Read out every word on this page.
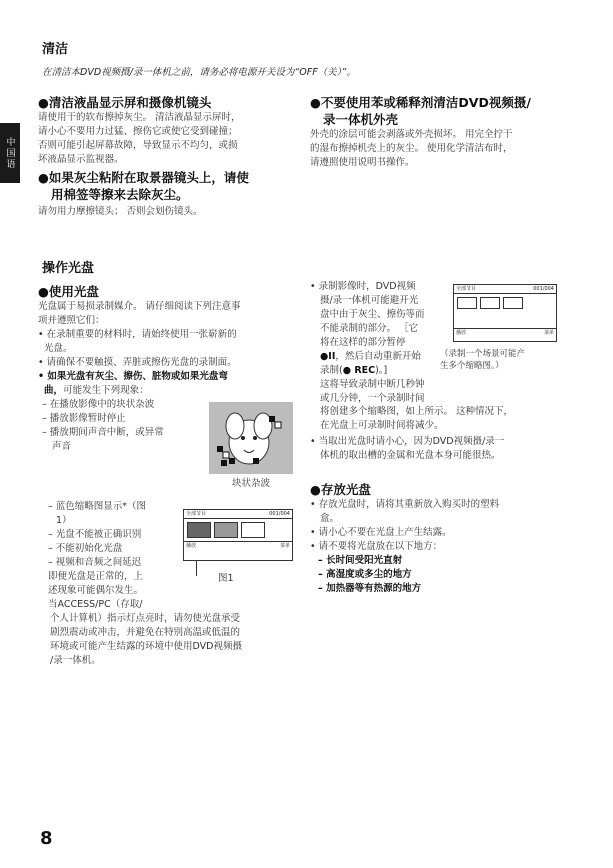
中国语
清洁
在清洁本DVD视频摄/录一体机之前，请务必将电源开关设为“OFF（关）”。
●清洁液晶显示屏和摄像机镜头
请使用干的软布擦掉灰尘。 清洁液晶显示屏时，
请小心不要用力过猛、擦伤它或使它受到碰撞；
否则可能引起屏幕故障，导致显示不均匀，或损
坏液晶显示监视器。
●如果灰尘粘附在取景器镜头上，请使
用棉签等擦来去除灰尘。
请勿用力摩擦镜头； 否则会划伤镜头。
●不要使用苯或稀释剂清洁DVD视频摄/
录一体机外壳
外壳的涂层可能会剥落或外壳损坏。 用完全拧干
的湿布擦掉机壳上的灰尘。 使用化学清洁布时，
请遵照使用说明书操作。
操作光盘
●使用光盘
光盘属于易损录制媒介。 请仔细阅读下列注意事
项并遵照它们：
• 在录制重要的材料时，请始终使用一张崭新的
光盘。
• 请确保不要触摸、弄脏或擦伤光盘的录制面。
• 如果光盘有灰尘、擦伤、脏物或如果光盘弯
曲，可能发生下列现象：
– 在播放影像中的块状杂波
– 播放影像暂时停止
– 播放期间声音中断，或异常
声音
块状杂波
– 蓝色缩略图显示*（图
1）
– 光盘不能被正确识别
– 不能初始化光盘
– 视频和音频之间延迟
即便光盘是正常的，上
述现象可能偶尔发生。
当ACCESS/PC（存取/
全部节目	001/004
播放	菜单
图1
个人计算机）指示灯点亮时，请勿使光盘承受
剧烈震动或冲击，并避免在特别高温或低温的
环境或可能产生结露的环境中使用DVD视频摄
/录一体机。
• 录制影像时，DVD视频
摄/录一体机可能避开光
盘中由于灰尘、擦伤等而
不能录制的部分。 ［它
将在这样的部分暂停
●II，然后自动重新开始
录制(● REC)。]
这将导致录制中断几秒钟
或几分钟，一个录制时间
将创建多个缩略图，如上所示。 这种情况下，
在光盘上可录制时间将减少。
全部节目	001/004
播放	菜单
（录制一个场景可能产
生多个缩略图。）
• 当取出光盘时请小心，因为DVD视频摄/录一
体机的取出槽的金属和光盘本身可能很热。
●存放光盘
• 存放光盘时，请将其重新放入购买时的塑料
盒。
• 请小心不要在光盘上产生结露。
• 请不要将光盘放在以下地方：
– 长时间受阳光直射
– 高湿度或多尘的地方
– 加热器等有热源的地方
8
